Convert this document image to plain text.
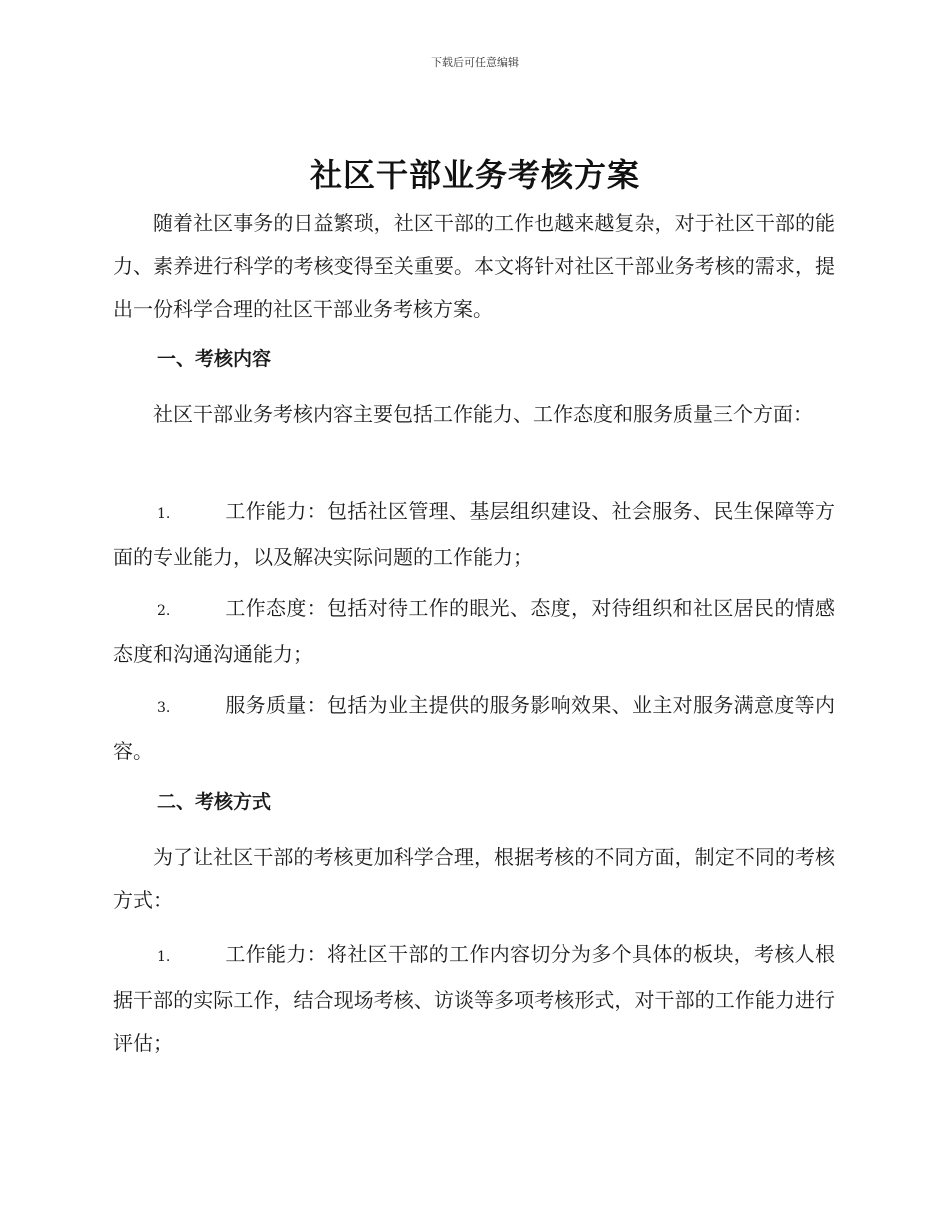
下载后可任意编辑
社区干部业务考核方案

随着社区事务的日益繁琐，社区干部的工作也越来越复杂，对于社区干部的能力、素养进行科学的考核变得至关重要。本文将针对社区干部业务考核的需求，提出一份科学合理的社区干部业务考核方案。

一、考核内容

社区干部业务考核内容主要包括工作能力、工作态度和服务质量三个方面：

1.	工作能力：包括社区管理、基层组织建设、社会服务、民生保障等方面的专业能力，以及解决实际问题的工作能力；

2.	工作态度：包括对待工作的眼光、态度，对待组织和社区居民的情感态度和沟通沟通能力；

3.	服务质量：包括为业主提供的服务影响效果、业主对服务满意度等内容。

二、考核方式

为了让社区干部的考核更加科学合理，根据考核的不同方面，制定不同的考核方式：

1.	工作能力：将社区干部的工作内容切分为多个具体的板块，考核人根据干部的实际工作，结合现场考核、访谈等多项考核形式，对干部的工作能力进行评估；
